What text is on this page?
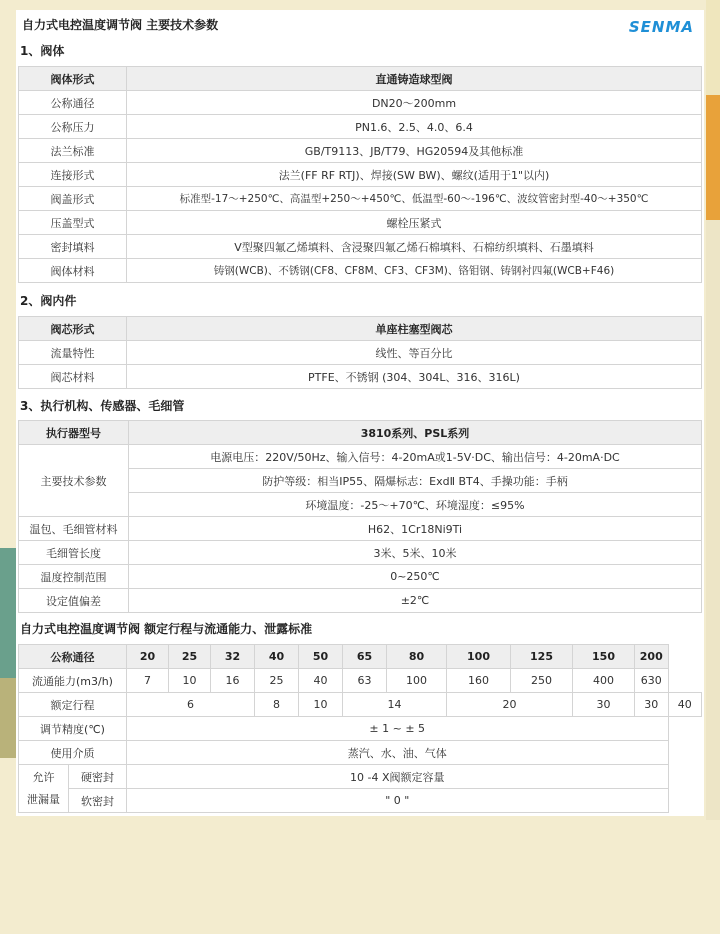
自力式电控温度调节阀 主要技术参数	SENMA
1、阀体
阀体形式	直通铸造球型阀
公称通径	DN20～200mm
公称压力	PN1.6、2.5、4.0、6.4
法兰标准	GB/T9113、JB/T79、HG20594及其他标准
连接形式	法兰(FF RF RTJ)、焊接(SW BW)、螺纹(适用于1"以内)
阀盖形式	标准型-17～+250℃、高温型+250～+450℃、低温型-60～-196℃、波纹管密封型-40～+350℃
压盖型式	螺栓压紧式
密封填料	V型聚四氟乙烯填料、含浸聚四氟乙烯石棉填料、石棉纺织填料、石墨填料
阀体材料	铸钢(WCB)、不锈钢(CF8、CF8M、CF3、CF3M)、铬钼钢、铸钢衬四氟(WCB+F46)
2、阀内件
阀芯形式	单座柱塞型阀芯
流量特性	线性、等百分比
阀芯材料	PTFE、不锈钢 (304、304L、316、316L)
3、执行机构、传感器、毛细管
执行器型号	3810系列、PSL系列
主要技术参数	电源电压：220V/50Hz、输入信号：4-20mA或1-5V·DC、输出信号：4-20mA·DC
	防护等级：相当IP55、隔爆标志：ExdⅡ BT4、手操功能：手柄
	环境温度：-25～+70℃、环境湿度：≤95%
温包、毛细管材料	H62、1Cr18Ni9Ti
毛细管长度	3米、5米、10米
温度控制范围	0~250℃
设定值偏差	±2℃
自力式电控温度调节阀 额定行程与流通能力、泄露标准
公称通径		20	25	32	40	50	65	80	100	125	150	200	
流通能力(m3/h)		7	10	16	25	40	63	100	160	250	400	630	
额定行程		6			8	10	14		20		30	30	40
调节精度(℃)		± 1 ~ ± 5											
使用介质		蒸汽、水、油、气体											
允许
泄漏量	硬密封	10 -4 X阀额定容量											
	软密封	" 0 "											
